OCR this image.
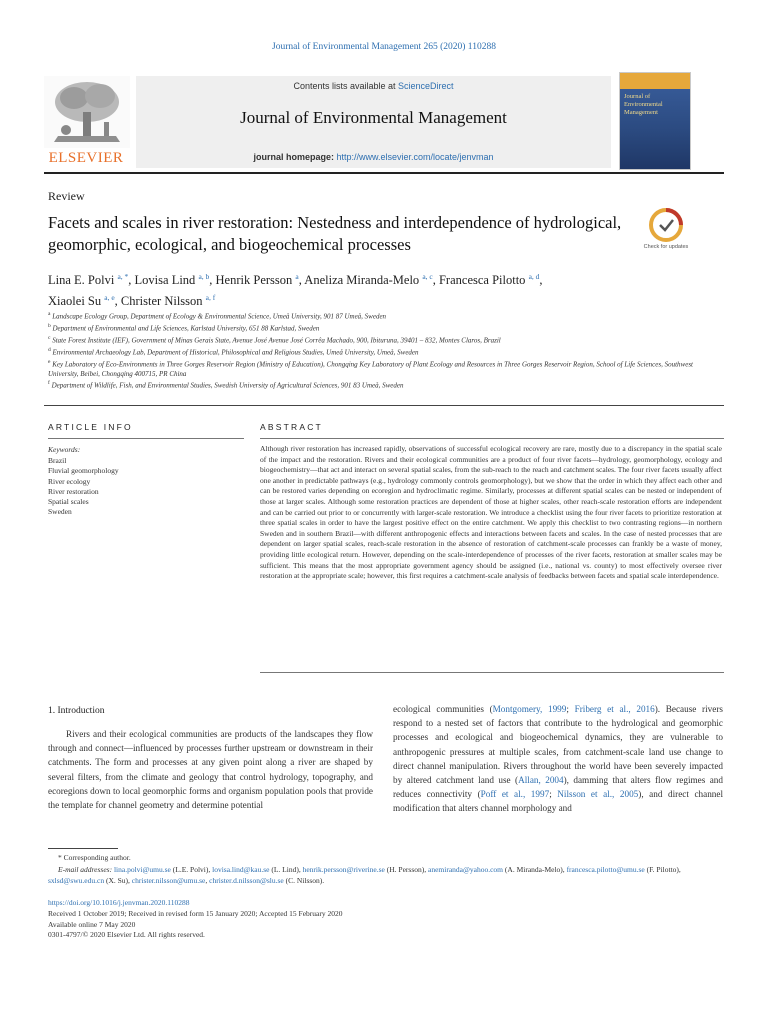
Journal of Environmental Management 265 (2020) 110288
Contents lists available at ScienceDirect
Journal of Environmental Management
journal homepage: http://www.elsevier.com/locate/jenvman
ELSEVIER
Journal of Environmental Management
Review
Facets and scales in river restoration: Nestedness and interdependence of hydrological, geomorphic, ecological, and biogeochemical processes	Check for updates
Lina E. Polvi $^{a, *}$, Lovisa Lind $^{a, b}$, Henrik Persson $^a$, Aneliza Miranda-Melo $^{a, c}$, Francesca Pilotto $^{a, d}$,
Xiaolei Su $^{a, e}$, Christer Nilsson $^{a, f}$
$^a$ Landscape Ecology Group, Department of Ecology & Environmental Science, Umeå University, 901 87 Umeå, Sweden
$^b$ Department of Environmental and Life Sciences, Karlstad University, 651 88 Karlstad, Sweden
$^c$ State Forest Institute (IEF), Government of Minas Gerais State, Avenue José Avenue José Corrêa Machado, 900, Ibituruna, 39401 – 832, Montes Claros, Brazil
$^d$ Environmental Archaeology Lab, Department of Historical, Philosophical and Religious Studies, Umeå University, Umeå, Sweden
$^e$ Key Laboratory of Eco-Environments in Three Gorges Reservoir Region (Ministry of Education), Chongqing Key Laboratory of Plant Ecology and Resources in Three Gorges Reservoir Region, School of Life Sciences, Southwest University, Beibei, Chongqing 400715, PR China
$^f$ Department of Wildlife, Fish, and Environmental Studies, Swedish University of Agricultural Sciences, 901 83 Umeå, Sweden
ARTICLE INFO	ABSTRACT
Keywords:
Brazil
Fluvial geomorphology
River ecology
River restoration
Spatial scales
Sweden
Although river restoration has increased rapidly, observations of successful ecological recovery are rare, mostly due to a discrepancy in the spatial scale of the impact and the restoration. Rivers and their ecological communities are a product of four river facets—hydrology, geomorphology, ecology and biogeochemistry—that act and interact on several spatial scales, from the sub-reach to the reach and catchment scales. The four river facets usually affect one another in predictable pathways (e.g., hydrology commonly controls geomorphology), but we show that the order in which they affect each other and can be restored varies depending on ecoregion and hydroclimatic regime. Similarly, processes at different spatial scales can be nested or independent of those at larger scales. Although some restoration practices are dependent of those at higher scales, other reach-scale restoration efforts are independent and can be carried out prior to or concurrently with larger-scale restoration. We introduce a checklist using the four river facets to prioritize restoration at three spatial scales in order to have the largest positive effect on the entire catchment. We apply this checklist to two contrasting regions—in northern Sweden and in southern Brazil—with different anthropogenic effects and interactions between facets and scales. In the case of nested processes that are dependent on larger spatial scales, reach-scale restoration in the absence of restoration of catchment-scale processes can frankly be a waste of money, providing little ecological return. However, depending on the scale-interdependence of processes of the river facets, restoration at smaller scales may be sufficient. This means that the most appropriate government agency should be assigned (i.e., national vs. county) to most effectively oversee river restoration at the appropriate scale; however, this first requires a catchment-scale analysis of feedbacks between facets and spatial scale interdependence.
1. Introduction
Rivers and their ecological communities are products of the landscapes they flow through and connect—influenced by processes further upstream or downstream in their catchments. The form and processes at any given point along a river are shaped by several filters, from the climate and geology that control hydrology, topography, and ecoregions down to local geomorphic forms and organism population pools that provide the template for channel geometry and determine potential
ecological communities (Montgomery, 1999; Friberg et al., 2016). Because rivers respond to a nested set of factors that contribute to the hydrological and geomorphic processes and ecological and biogeochemical dynamics, they are vulnerable to anthropogenic pressures at multiple scales, from catchment-scale land use change to direct channel manipulation. Rivers throughout the world have been severely impacted by altered catchment land use (Allan, 2004), damming that alters flow regimes and reduces connectivity (Poff et al., 1997; Nilsson et al., 2005), and direct channel modification that alters channel morphology and
* Corresponding author.
E-mail addresses: lina.polvi@umu.se (L.E. Polvi), lovisa.lind@kau.se (L. Lind), henrik.persson@riverine.se (H. Persson), anemiranda@yahoo.com (A. Miranda-Melo), francesca.pilotto@umu.se (F. Pilotto), sxlsd@swu.edu.cn (X. Su), christer.nilsson@umu.se, christer.d.nilsson@slu.se (C. Nilsson).
https://doi.org/10.1016/j.jenvman.2020.110288
Received 1 October 2019; Received in revised form 15 January 2020; Accepted 15 February 2020
Available online 7 May 2020
0301-4797/© 2020 Elsevier Ltd. All rights reserved.
